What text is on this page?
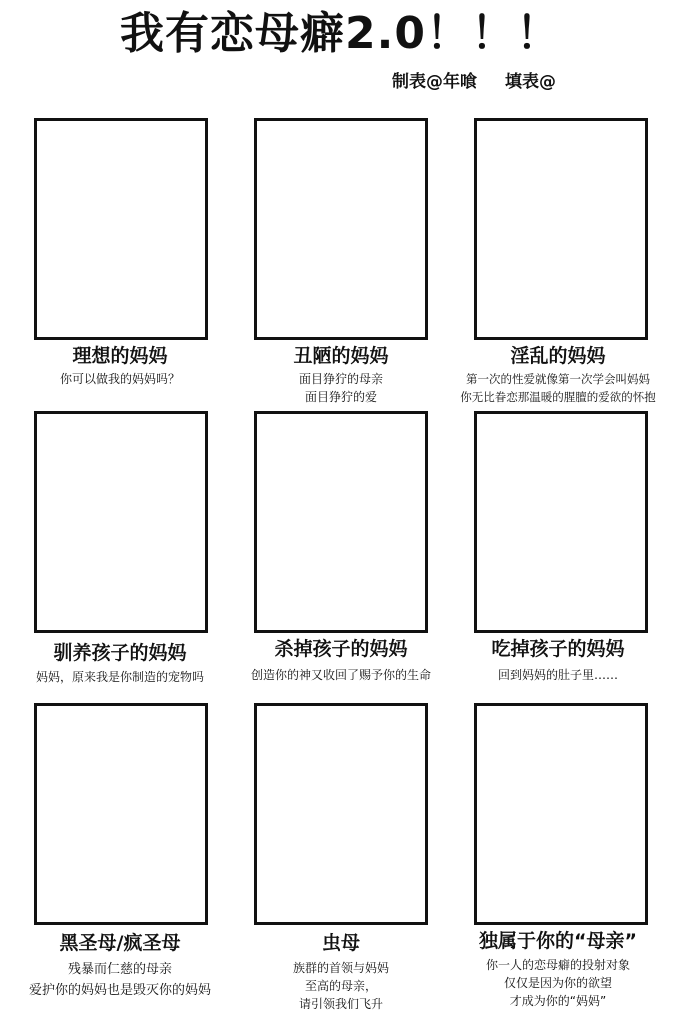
我有恋母癖2.0！！！
制表@年喰 填表@
理想的妈妈
你可以做我的妈妈吗？
丑陋的妈妈
面目狰狞的母亲
面目狰狞的爱
淫乱的妈妈
第一次的性爱就像第一次学会叫妈妈
你无比眷恋那温暖的腥膻的爱欲的怀抱
驯养孩子的妈妈
妈妈，原来我是你制造的宠物吗
杀掉孩子的妈妈
创造你的神又收回了赐予你的生命
吃掉孩子的妈妈
回到妈妈的肚子里……
黑圣母/疯圣母
残暴而仁慈的母亲
爱护你的妈妈也是毁灭你的妈妈
虫母
族群的首领与妈妈
至高的母亲，
请引领我们飞升
独属于你的“母亲”
你一人的恋母癖的投射对象
仅仅是因为你的欲望
才成为你的“妈妈”
